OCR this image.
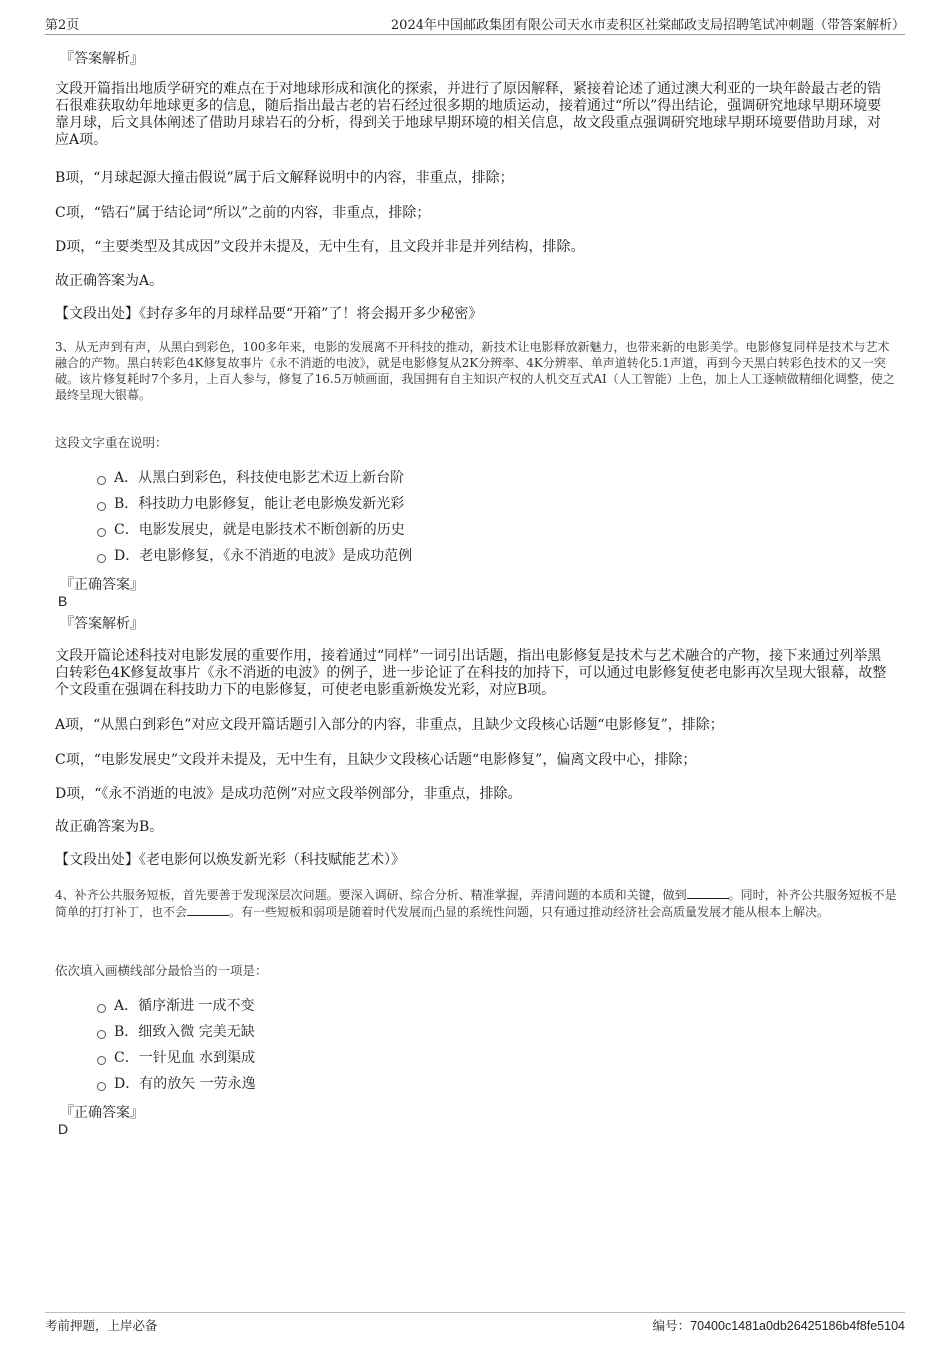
第2页	2024年中国邮政集团有限公司天水市麦积区社棠邮政支局招聘笔试冲刺题（带答案解析）
『答案解析』

文段开篇指出地质学研究的难点在于对地球形成和演化的探索，并进行了原因解释，紧接着论述了通过澳大利亚的一块年龄最古老的锆石很难获取幼年地球更多的信息，随后指出最古老的岩石经过很多期的地质运动，接着通过“所以”得出结论，强调研究地球早期环境要靠月球，后文具体阐述了借助月球岩石的分析，得到关于地球早期环境的相关信息，故文段重点强调研究地球早期环境要借助月球，对应A项。

B项，“月球起源大撞击假说”属于后文解释说明中的内容，非重点，排除；

C项，“锆石”属于结论词“所以”之前的内容，非重点，排除；

D项，“主要类型及其成因”文段并未提及，无中生有，且文段并非是并列结构，排除。

故正确答案为A。

【文段出处】《封存多年的月球样品要“开箱”了！将会揭开多少秘密》

3、从无声到有声，从黑白到彩色，100多年来，电影的发展离不开科技的推动，新技术让电影释放新魅力，也带来新的电影美学。电影修复同样是技术与艺术融合的产物。黑白转彩色4K修复故事片《永不消逝的电波》，就是电影修复从2K分辨率、4K分辨率、单声道转化5.1声道，再到今天黑白转彩色技术的又一突破。该片修复耗时7个多月，上百人参与，修复了16.5万帧画面，我国拥有自主知识产权的人机交互式AI（人工智能）上色，加上人工逐帧做精细化调整，使之最终呈现大银幕。
这段文字重在说明：
A．从黑白到彩色，科技使电影艺术迈上新台阶
B．科技助力电影修复，能让老电影焕发新光彩
C．电影发展史，就是电影技术不断创新的历史
D．老电影修复，《永不消逝的电波》是成功范例
『正确答案』
B
『答案解析』

文段开篇论述科技对电影发展的重要作用，接着通过“同样”一词引出话题，指出电影修复是技术与艺术融合的产物，接下来通过列举黑白转彩色4K修复故事片《永不消逝的电波》的例子，进一步论证了在科技的加持下，可以通过电影修复使老电影再次呈现大银幕，故整个文段重在强调在科技助力下的电影修复，可使老电影重新焕发光彩，对应B项。

A项，“从黑白到彩色”对应文段开篇话题引入部分的内容，非重点，且缺少文段核心话题“电影修复”，排除；

C项，“电影发展史”文段并未提及，无中生有，且缺少文段核心话题“电影修复”，偏离文段中心，排除；

D项，“《永不消逝的电波》是成功范例”对应文段举例部分，非重点，排除。

故正确答案为B。

【文段出处】《老电影何以焕发新光彩（科技赋能艺术）》

4、补齐公共服务短板，首先要善于发现深层次问题。要深入调研、综合分析、精准掌握，弄清问题的本质和关键，做到	。同时，补齐公共服务短板不是简单的打打补丁，也不会	。有一些短板和弱项是随着时代发展而凸显的系统性问题，只有通过推动经济社会高质量发展才能从根本上解决。
依次填入画横线部分最恰当的一项是：
A．循序渐进 一成不变
B．细致入微 完美无缺
C．一针见血 水到渠成
D．有的放矢 一劳永逸
『正确答案』
D
考前押题，上岸必备	编号：70400c1481a0db26425186b4f8fe5104
